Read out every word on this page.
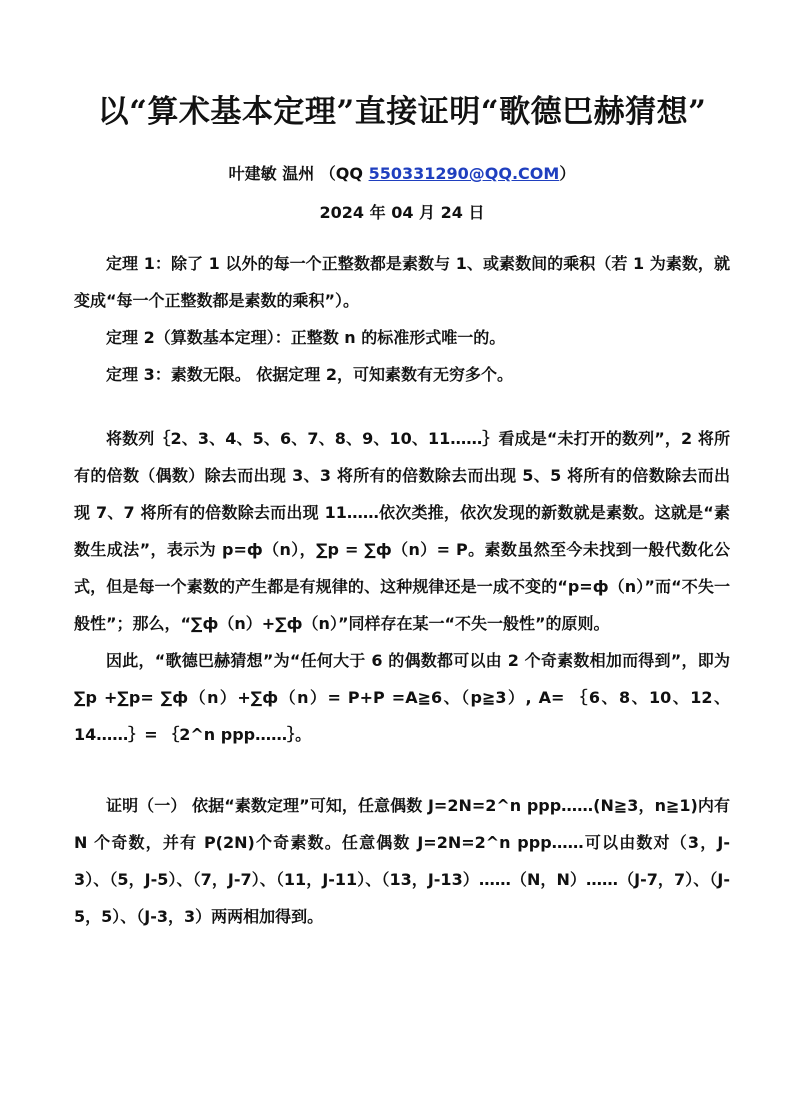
以“算术基本定理”直接证明“歌德巴赫猜想”
叶建敏 温州 （QQ 550331290@QQ.COM）
2024 年 04 月 24 日

定理 1：除了 1 以外的每一个正整数都是素数与 1、或素数间的乘积（若 1 为素数，就变成“每一个正整数都是素数的乘积”）。

定理 2（算数基本定理）：正整数 n 的标准形式唯一的。

定理 3：素数无限。 依据定理 2，可知素数有无穷多个。

将数列｛2、3、4、5、6、7、8、9、10、11……｝看成是“未打开的数列”，2 将所有的倍数（偶数）除去而出现 3、3 将所有的倍数除去而出现 5、5 将所有的倍数除去而出现 7、7 将所有的倍数除去而出现 11……依次类推，依次发现的新数就是素数。这就是“素数生成法”，表示为 p=ф（n），∑p = ∑ф（n）= P。素数虽然至今未找到一般代数化公式，但是每一个素数的产生都是有规律的、这种规律还是一成不变的“p=ф（n）”而“不失一般性”；那么，“∑ф（n）+∑ф（n）”同样存在某一“不失一般性”的原则。

因此，“歌德巴赫猜想”为“任何大于 6 的偶数都可以由 2 个奇素数相加而得到”，即为∑p +∑p= ∑ф（n）+∑ф（n）= P+P =A≧6、（p≧3）, A= ｛6、8、10、12、14……｝= ｛2^n ppp……｝。

证明（一） 依据“素数定理”可知，任意偶数 J=2N=2^n ppp……(N≧3，n≧1)内有 N 个奇数，并有 P(2N)个奇素数。任意偶数 J=2N=2^n ppp……可以由数对（3，J-3）、（5，J-5）、（7，J-7）、（11，J-11）、（13，J-13）……（N，N）……（J-7，7）、（J-5，5）、（J-3，3）两两相加得到。
